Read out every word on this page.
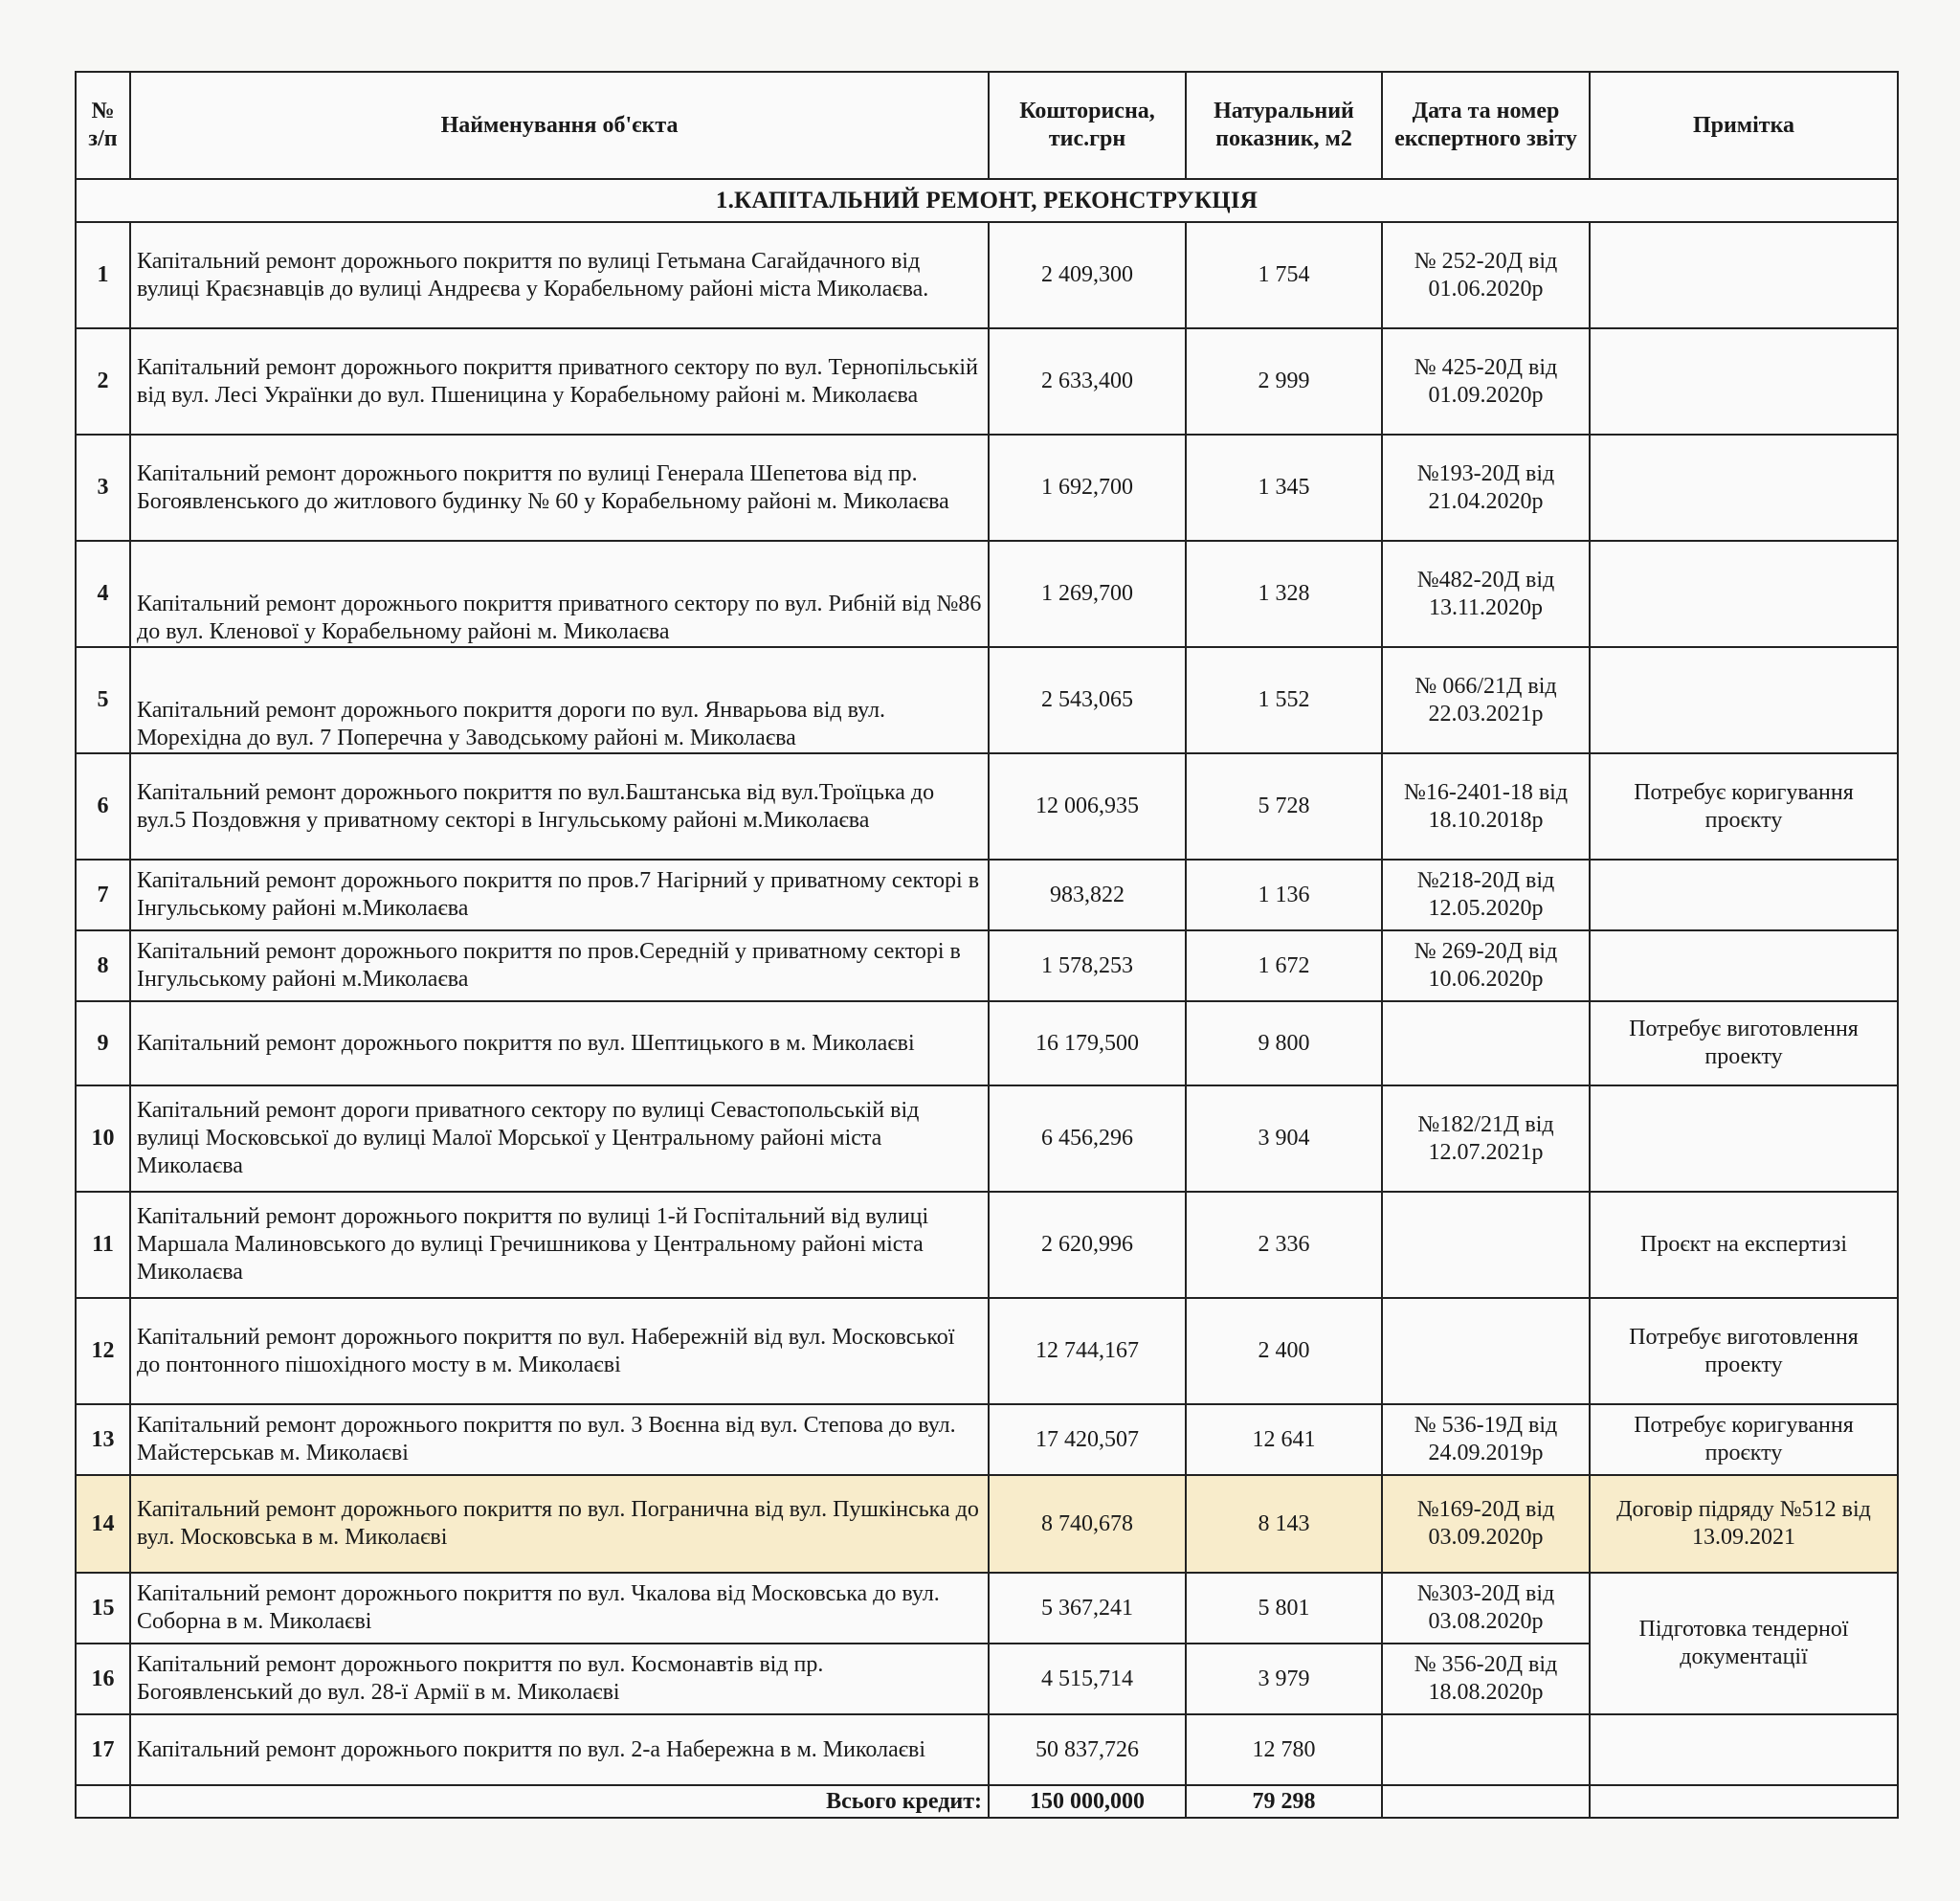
№ з/п	Найменування об'єкта	Кошторисна, тис.грн	Натуральний показник, м2	Дата та номер експертного звіту	Примітка
1.КАПІТАЛЬНИЙ РЕМОНТ, РЕКОНСТРУКЦІЯ					
1	Капітальний ремонт дорожнього покриття по вулиці Гетьмана Сагайдачного від вулиці Краєзнавців до вулиці Андреєва у Корабельному районі міста Миколаєва.	2 409,300	1 754	№ 252-20Д від 01.06.2020р	
2	Капітальний ремонт дорожнього покриття приватного сектору по вул. Тернопільській від вул. Лесі Українки до вул. Пшеницина у Корабельному районі м. Миколаєва	2 633,400	2 999	№ 425-20Д від 01.09.2020р	
3	Капітальний ремонт дорожнього покриття по вулиці Генерала Шепетова від пр. Богоявленського до житлового будинку № 60 у Корабельному районі м. Миколаєва	1 692,700	1 345	№193-20Д від 21.04.2020р	
4	Капітальний ремонт дорожнього покриття приватного сектору по вул. Рибній від №86 до вул. Кленової у Корабельному районі м. Миколаєва	1 269,700	1 328	№482-20Д від 13.11.2020р	
5	Капітальний ремонт дорожнього покриття дороги по вул. Январьова від вул. Морехідна до вул. 7 Поперечна у Заводському районі м. Миколаєва	2 543,065	1 552	№ 066/21Д від 22.03.2021р	
6	Капітальний ремонт дорожнього покриття по вул.Баштанська від вул.Троїцька до вул.5 Поздовжня у приватному секторі в Інгульському районі м.Миколаєва	12 006,935	5 728	№16-2401-18 від 18.10.2018р	Потребує коригування проєкту
7	Капітальний ремонт дорожнього покриття по пров.7 Нагірний у приватному секторі в Інгульському районі м.Миколаєва	983,822	1 136	№218-20Д від 12.05.2020р	
8	Капітальний ремонт дорожнього покриття по пров.Середній у приватному секторі в Інгульському районі м.Миколаєва	1 578,253	1 672	№ 269-20Д від 10.06.2020р	
9	Капітальний ремонт дорожнього покриття по вул. Шептицького в м. Миколаєві	16 179,500	9 800		Потребує виготовлення проекту
10	Капітальний ремонт дороги приватного сектору по вулиці Севастопольській від вулиці Московської до вулиці Малої Морської у Центральному районі міста Миколаєва	6 456,296	3 904	№182/21Д від 12.07.2021р	
11	Капітальний ремонт дорожнього покриття по вулиці 1-й Госпітальний від вулиці Маршала Малиновського до вулиці Гречишникова у Центральному районі міста Миколаєва	2 620,996	2 336		Проєкт на експертизі
12	Капітальний ремонт дорожнього покриття по вул. Набережній від вул. Московської до понтонного пішохідного мосту в м. Миколаєві	12 744,167	2 400		Потребує виготовлення проекту
13	Капітальний ремонт дорожнього покриття по вул. 3 Воєнна від вул. Степова до вул. Майстерськав м. Миколаєві	17 420,507	12 641	№ 536-19Д від 24.09.2019р	Потребує коригування проєкту
14	Капітальний ремонт дорожнього покриття по вул. Погранична від вул. Пушкінська до вул. Московська в м. Миколаєві	8 740,678	8 143	№169-20Д від 03.09.2020р	Договір підряду №512 від 13.09.2021
15	Капітальний ремонт дорожнього покриття по вул. Чкалова від Московська до вул. Соборна в м. Миколаєві	5 367,241	5 801	№303-20Д від 03.08.2020р	Підготовка тендерної документації
16	Капітальний ремонт дорожнього покриття по вул. Космонавтів від пр. Богоявленський до вул. 28-ї Армії в м. Миколаєві	4 515,714	3 979	№ 356-20Д від 18.08.2020р	
17	Капітальний ремонт дорожнього покриття по вул. 2-а Набережна в м. Миколаєві	50 837,726	12 780		
	Всього кредит:	150 000,000	79 298		
